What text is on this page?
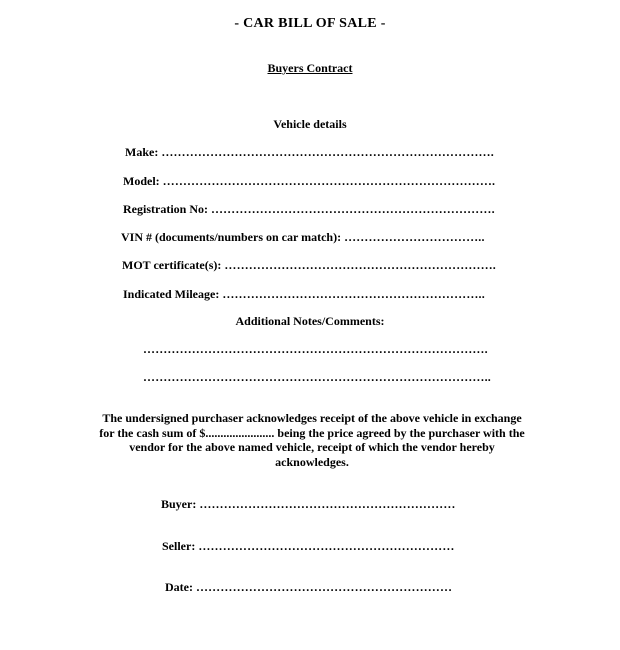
- CAR BILL OF SALE -
Buyers Contract
Vehicle details
Make: ……………………………………………………………………….
Model: ……………………………………………………………………….
Registration No: …………………………………………………………….
VIN # (documents/numbers on car match): ……………………………..
MOT certificate(s): ………………………………………………………….
Indicated Mileage: ………………………………………………………..
Additional Notes/Comments:
………………………………………………………………………….
…………………………………………………………………………..
The undersigned purchaser acknowledges receipt of the above vehicle in exchange
for the cash sum of $....................... being the price agreed by the purchaser with the
vendor for the above named vehicle, receipt of which the vendor hereby
acknowledges.
Buyer: ………………………………………………………
Seller: ………………………………………………………
Date: ………………………………………………………
